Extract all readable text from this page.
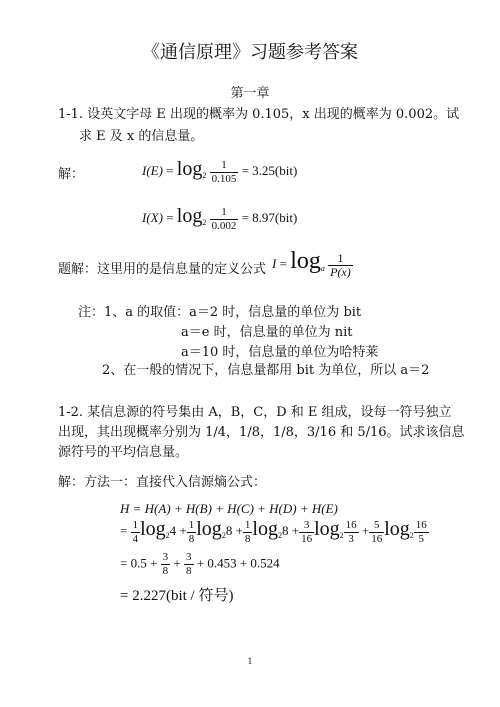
《通信原理》习题参考答案
第一章
1-1. 设英文字母 E 出现的概率为 0.105，x 出现的概率为 0.002。试
求 E 及 x 的信息量。
解：	$I(E) = \log_2 \frac{1}{0.105} = 3.25(bit)$
$I(X) = \log_2 \frac{1}{0.002} = 8.97(bit)$
题解：这里用的是信息量的定义公式 $I = \log_a \frac{1}{P(x)}$
注：1、a 的取值：a＝2 时，信息量的单位为 bit
a＝e 时，信息量的单位为 nit
a＝10 时，信息量的单位为哈特莱
2、在一般的情况下，信息量都用 bit 为单位，所以 a＝2
1-2. 某信息源的符号集由 A，B，C，D 和 E 组成，设每一符号独立
出现，其出现概率分别为 1/4，1/8，1/8，3/16 和 5/16。试求该信息
源符号的平均信息量。
解：方法一：直接代入信源熵公式：
H = H(A) + H(B) + H(C) + H(D) + H(E)
= $\frac{1}{4} \log_24 + \frac{1}{8} \log_28 + \frac{1}{8} \log_28 + \frac{3}{16} \log_2 \frac{16}{3} + \frac{5}{16} \log_2 \frac{16}{5}$
= $0.5 + \frac{3}{8} + \frac{3}{8} + 0.453 + 0.524$
= 2.227(bit / 符号)
1
